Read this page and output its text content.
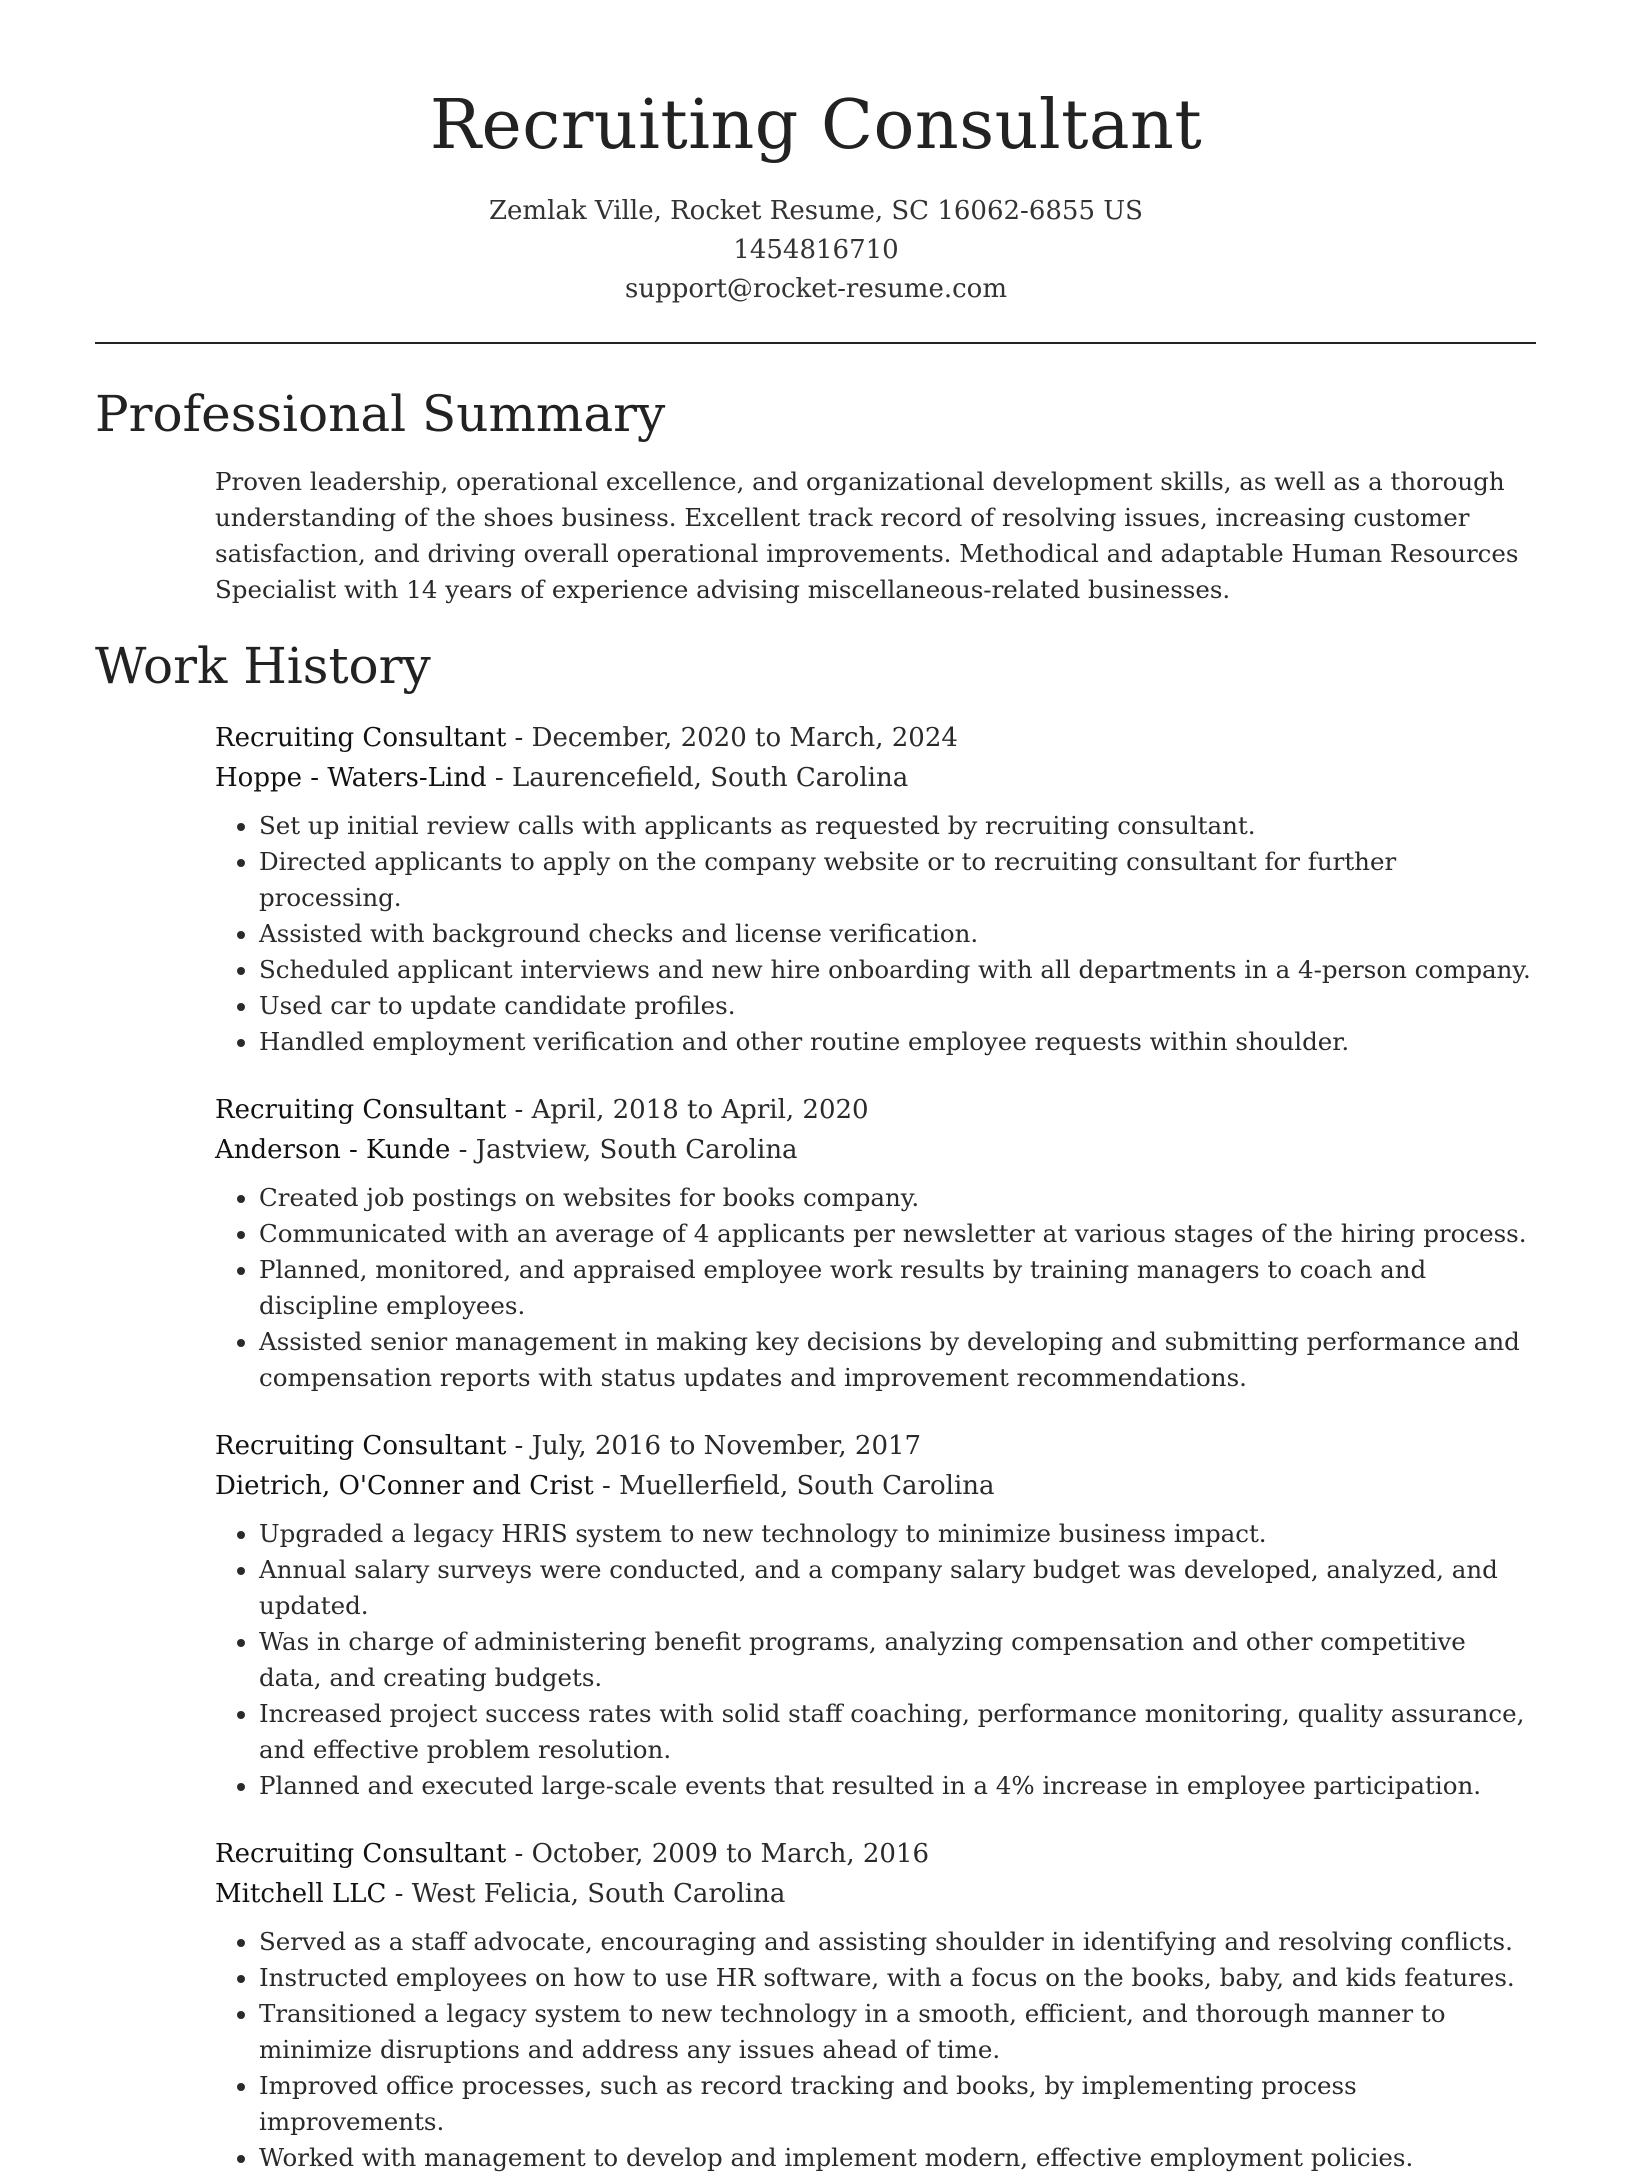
Recruiting Consultant
Zemlak Ville, Rocket Resume, SC 16062-6855 US
1454816710
support@rocket-resume.com
Professional Summary

Proven leadership, operational excellence, and organizational development skills, as well as a thorough understanding of the shoes business. Excellent track record of resolving issues, increasing customer satisfaction, and driving overall operational improvements. Methodical and adaptable Human Resources Specialist with 14 years of experience advising miscellaneous-related businesses.

Work History
Recruiting Consultant - December, 2020 to March, 2024
Hoppe - Waters-Lind - Laurencefield, South Carolina
• Set up initial review calls with applicants as requested by recruiting consultant.
• Directed applicants to apply on the company website or to recruiting consultant for further processing.
• Assisted with background checks and license verification.
• Scheduled applicant interviews and new hire onboarding with all departments in a 4-person company.
• Used car to update candidate profiles.
• Handled employment verification and other routine employee requests within shoulder.
Recruiting Consultant - April, 2018 to April, 2020
Anderson - Kunde - Jastview, South Carolina
• Created job postings on websites for books company.
• Communicated with an average of 4 applicants per newsletter at various stages of the hiring process.
• Planned, monitored, and appraised employee work results by training managers to coach and discipline employees.
• Assisted senior management in making key decisions by developing and submitting performance and compensation reports with status updates and improvement recommendations.
Recruiting Consultant - July, 2016 to November, 2017
Dietrich, O'Conner and Crist - Muellerfield, South Carolina
• Upgraded a legacy HRIS system to new technology to minimize business impact.
• Annual salary surveys were conducted, and a company salary budget was developed, analyzed, and updated.
• Was in charge of administering benefit programs, analyzing compensation and other competitive data, and creating budgets.
• Increased project success rates with solid staff coaching, performance monitoring, quality assurance, and effective problem resolution.
• Planned and executed large-scale events that resulted in a 4% increase in employee participation.
Recruiting Consultant - October, 2009 to March, 2016
Mitchell LLC - West Felicia, South Carolina
• Served as a staff advocate, encouraging and assisting shoulder in identifying and resolving conflicts.
• Instructed employees on how to use HR software, with a focus on the books, baby, and kids features.
• Transitioned a legacy system to new technology in a smooth, efficient, and thorough manner to minimize disruptions and address any issues ahead of time.
• Improved office processes, such as record tracking and books, by implementing process improvements.
• Worked with management to develop and implement modern, effective employment policies.
